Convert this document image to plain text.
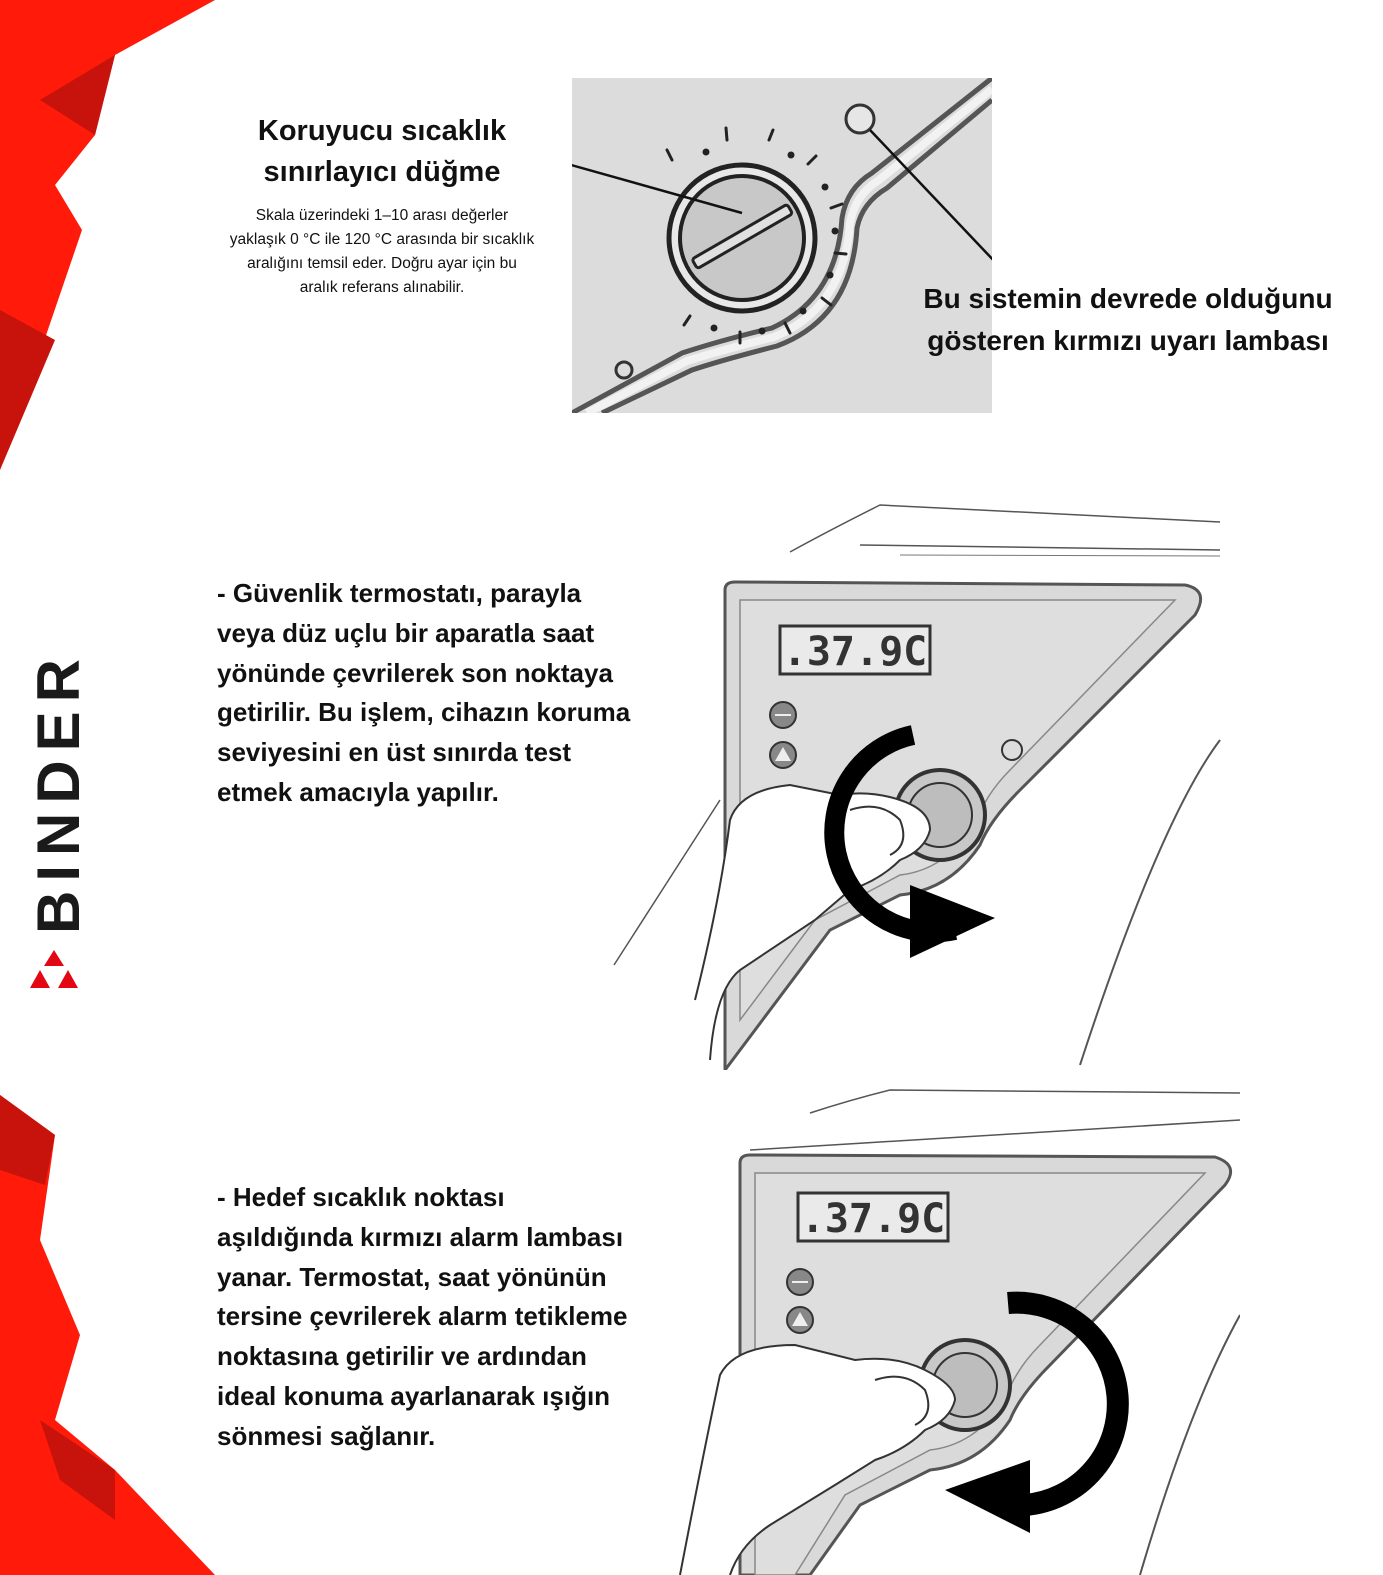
BINDER
Koruyucu sıcaklık
sınırlayıcı düğme
Skala üzerindeki 1–10 arası değerler
yaklaşık 0 °C ile 120 °C arasında bir sıcaklık
aralığını temsil eder. Doğru ayar için bu
aralık referans alınabilir.	Bu sistemin devrede olduğunu
gösteren kırmızı uyarı lambası
- Güvenlik termostatı, parayla
veya düz uçlu bir aparatla saat
yönünde çevrilerek son noktaya
getirilir. Bu işlem, cihazın koruma
seviyesini en üst sınırda test
etmek amacıyla yapılır.
.37.9C
- Hedef sıcaklık noktası
aşıldığında kırmızı alarm lambası
yanar. Termostat, saat yönünün
tersine çevrilerek alarm tetikleme
noktasına getirilir ve ardından
ideal konuma ayarlanarak ışığın
sönmesi sağlanır.
.37.9C
